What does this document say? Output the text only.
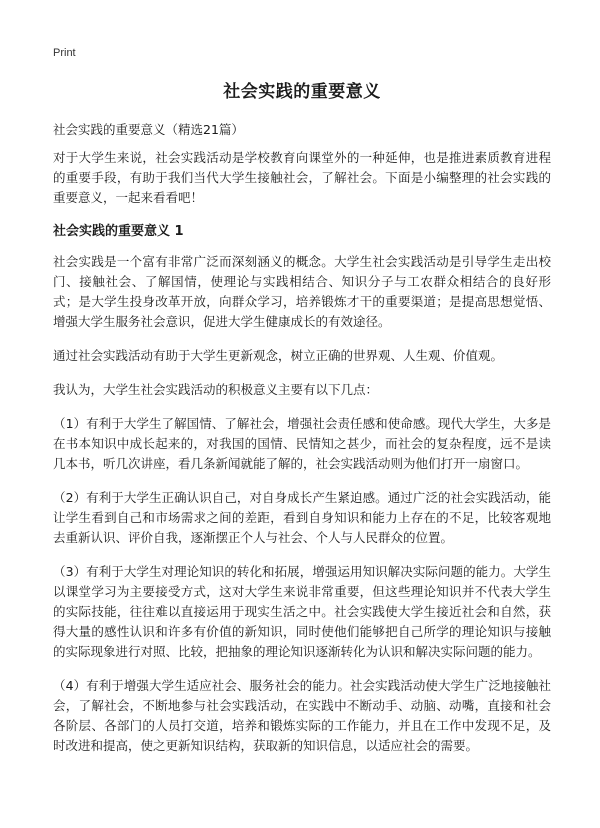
Print
社会实践的重要意义

社会实践的重要意义（精选21篇）

对于大学生来说，社会实践活动是学校教育向课堂外的一种延伸，也是推进素质教育进程的重要手段，有助于我们当代大学生接触社会，了解社会。下面是小编整理的社会实践的重要意义，一起来看看吧！

社会实践的重要意义 1

社会实践是一个富有非常广泛而深刻涵义的概念。大学生社会实践活动是引导学生走出校门、接触社会、了解国情，使理论与实践相结合、知识分子与工农群众相结合的良好形式；是大学生投身改革开放，向群众学习，培养锻炼才干的重要渠道；是提高思想觉悟、增强大学生服务社会意识，促进大学生健康成长的有效途径。

通过社会实践活动有助于大学生更新观念，树立正确的世界观、人生观、价值观。

我认为，大学生社会实践活动的积极意义主要有以下几点：

（1）有利于大学生了解国情、了解社会，增强社会责任感和使命感。现代大学生，大多是在书本知识中成长起来的，对我国的国情、民情知之甚少，而社会的复杂程度，远不是读几本书，听几次讲座，看几条新闻就能了解的，社会实践活动则为他们打开一扇窗口。

（2）有利于大学生正确认识自己，对自身成长产生紧迫感。通过广泛的社会实践活动，能让学生看到自己和市场需求之间的差距，看到自身知识和能力上存在的不足，比较客观地去重新认识、评价自我，逐渐摆正个人与社会、个人与人民群众的位置。

（3）有利于大学生对理论知识的转化和拓展，增强运用知识解决实际问题的能力。大学生以课堂学习为主要接受方式，这对大学生来说非常重要，但这些理论知识并不代表大学生的实际技能，往往难以直接运用于现实生活之中。社会实践使大学生接近社会和自然，获得大量的感性认识和许多有价值的新知识，同时使他们能够把自己所学的理论知识与接触的实际现象进行对照、比较，把抽象的理论知识逐渐转化为认识和解决实际问题的能力。

（4）有利于增强大学生适应社会、服务社会的能力。社会实践活动使大学生广泛地接触社会，了解社会，不断地参与社会实践活动，在实践中不断动手、动脑、动嘴，直接和社会各阶层、各部门的人员打交道，培养和锻炼实际的工作能力，并且在工作中发现不足，及时改进和提高，使之更新知识结构，获取新的知识信息，以适应社会的需要。
